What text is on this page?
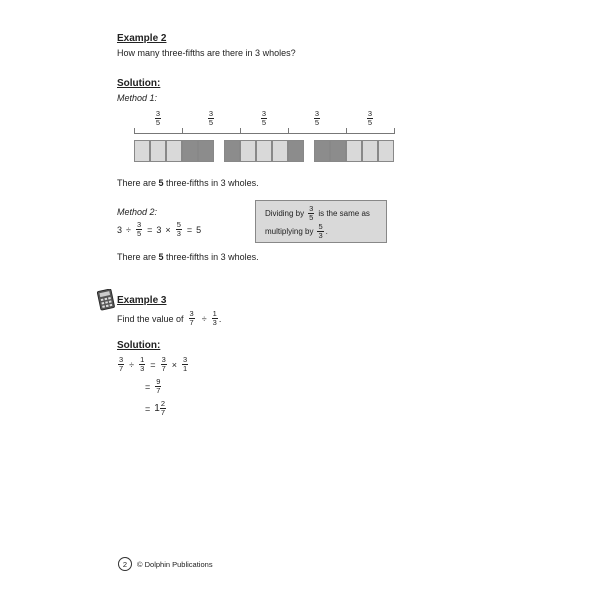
Example 2
How many three-fifths are there in 3 wholes?
Solution:
Method 1:
$\frac{3}{5}$	$\frac{3}{5}$	$\frac{3}{5}$	$\frac{3}{5}$	$\frac{3}{5}$
There are 5 three-fifths in 3 wholes.
Method 2:
$3 \div \frac{3}{5} = 3 \times \frac{5}{3} = 5$
Dividing by $\frac{3}{5}$ is the same as
multiplying by $\frac{5}{3}$ .
There are 5 three-fifths in 3 wholes.
Example 3
Find the value of $\frac{3}{7} \div \frac{1}{3}$ .
Solution:
$\frac{3}{7} \div \frac{1}{3} = \frac{3}{7} \times \frac{3}{1}$
= $\frac{9}{7}$
= $1 \frac{2}{7}$
2	© Dolphin Publications
